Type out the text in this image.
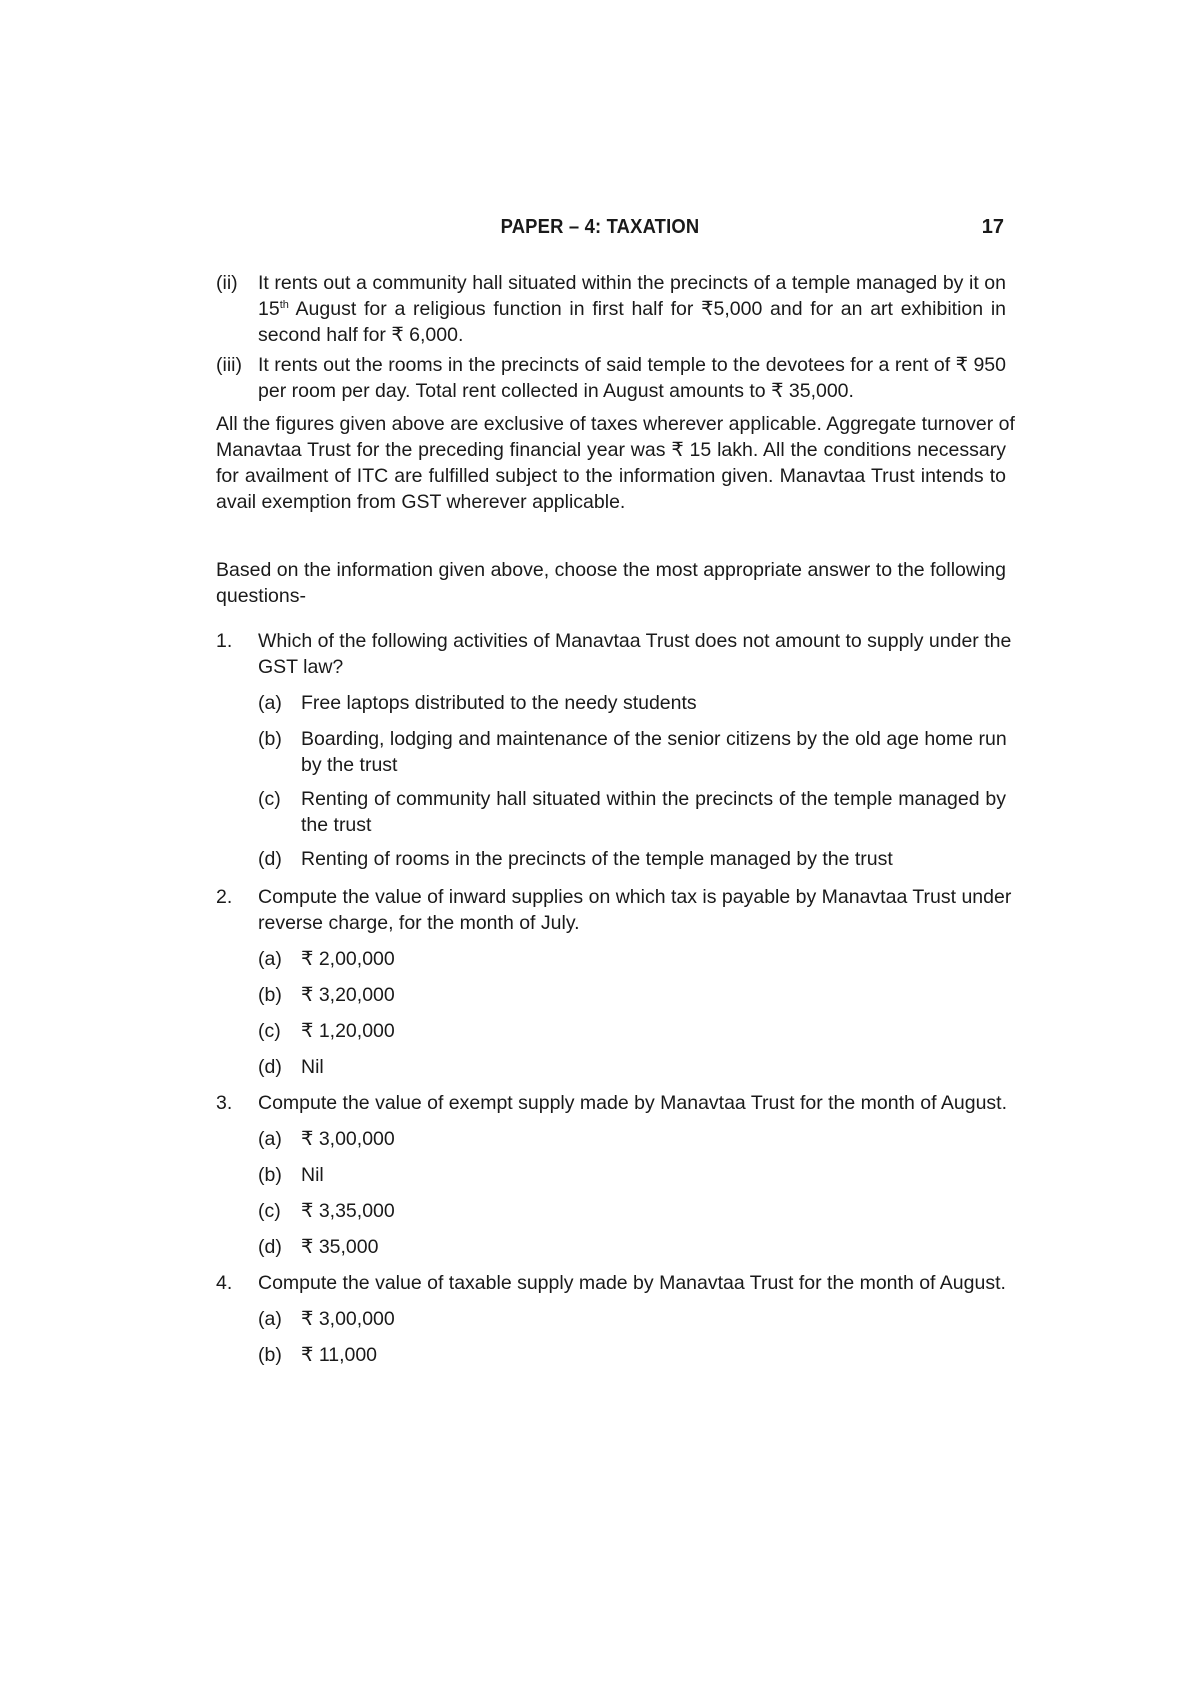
PAPER – 4: TAXATION	17
(ii) It rents out a community hall situated within the precincts of a temple managed by it on
15th August for a religious function in first half for ₹5,000 and for an art exhibition in
second half for ₹ 6,000.
(iii) It rents out the rooms in the precincts of said temple to the devotees for a rent of ₹ 950
per room per day. Total rent collected in August amounts to ₹ 35,000.
All the figures given above are exclusive of taxes wherever applicable. Aggregate turnover of
Manavtaa Trust for the preceding financial year was ₹ 15 lakh. All the conditions necessary
for availment of ITC are fulfilled subject to the information given. Manavtaa Trust intends to
avail exemption from GST wherever applicable.
Based on the information given above, choose the most appropriate answer to the following
questions-
1. Which of the following activities of Manavtaa Trust does not amount to supply under the
GST law?
(a) Free laptops distributed to the needy students
(b) Boarding, lodging and maintenance of the senior citizens by the old age home run
by the trust
(c) Renting of community hall situated within the precincts of the temple managed by
the trust
(d) Renting of rooms in the precincts of the temple managed by the trust
2. Compute the value of inward supplies on which tax is payable by Manavtaa Trust under
reverse charge, for the month of July.
(a) ₹ 2,00,000
(b) ₹ 3,20,000
(c) ₹ 1,20,000
(d) Nil
3. Compute the value of exempt supply made by Manavtaa Trust for the month of August.
(a) ₹ 3,00,000
(b) Nil
(c) ₹ 3,35,000
(d) ₹ 35,000
4. Compute the value of taxable supply made by Manavtaa Trust for the month of August.
(a) ₹ 3,00,000
(b) ₹ 11,000
